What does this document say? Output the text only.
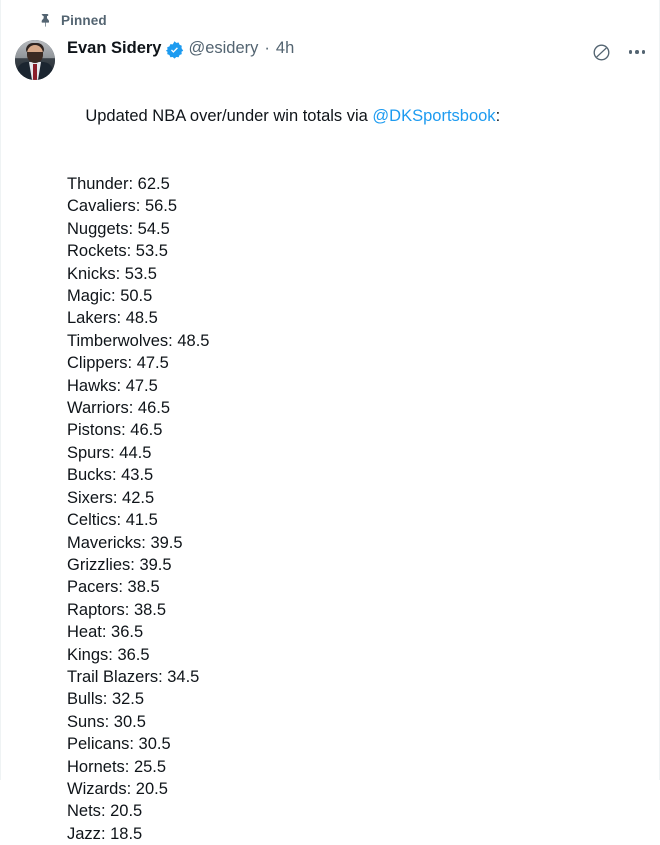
Pinned
Evan Sidery @esidery · 4h

Updated NBA over/under win totals via @DKSportsbook:

Thunder: 62.5
Cavaliers: 56.5
Nuggets: 54.5
Rockets: 53.5
Knicks: 53.5
Magic: 50.5
Lakers: 48.5
Timberwolves: 48.5
Clippers: 47.5
Hawks: 47.5
Warriors: 46.5
Pistons: 46.5
Spurs: 44.5
Bucks: 43.5
Sixers: 42.5
Celtics: 41.5
Mavericks: 39.5
Grizzlies: 39.5
Pacers: 38.5
Raptors: 38.5
Heat: 36.5
Kings: 36.5
Trail Blazers: 34.5
Bulls: 32.5
Suns: 30.5
Pelicans: 30.5
Hornets: 25.5
Wizards: 20.5
Nets: 20.5
Jazz: 18.5
